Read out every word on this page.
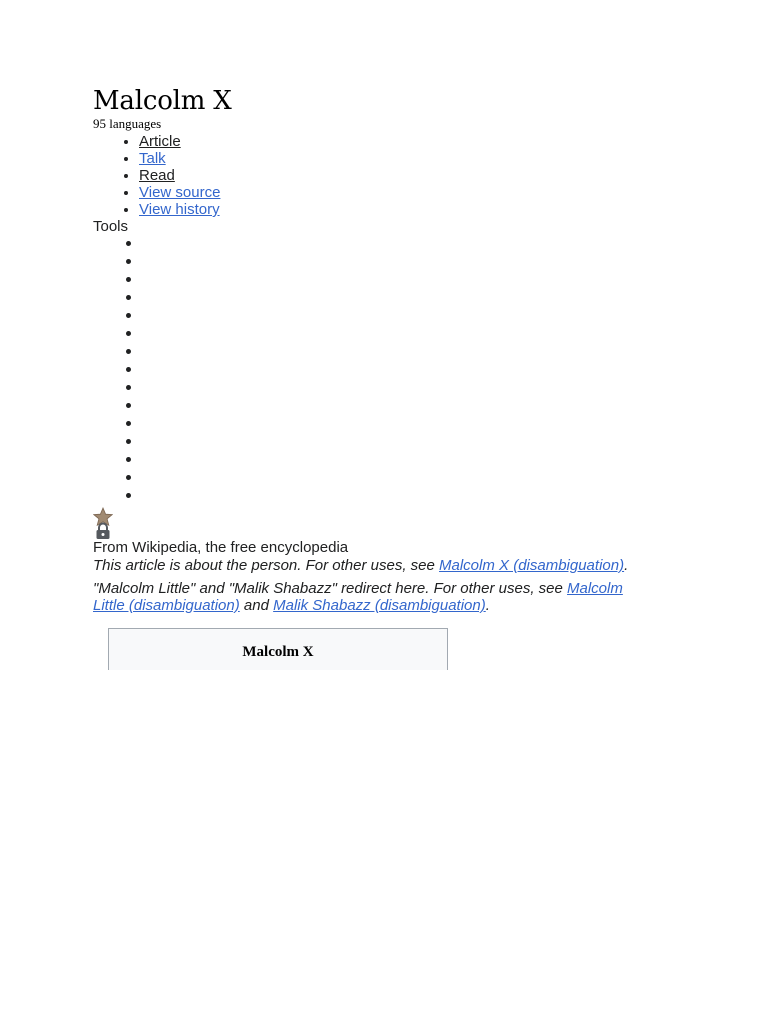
Malcolm X
95 languages
• Article
• Talk
• Read
• View source
• View history
Tools
From Wikipedia, the free encyclopedia
This article is about the person. For other uses, see Malcolm X (disambiguation).
"Malcolm Little" and "Malik Shabazz" redirect here. For other uses, see Malcolm Little (disambiguation) and Malik Shabazz (disambiguation).
Malcolm X
